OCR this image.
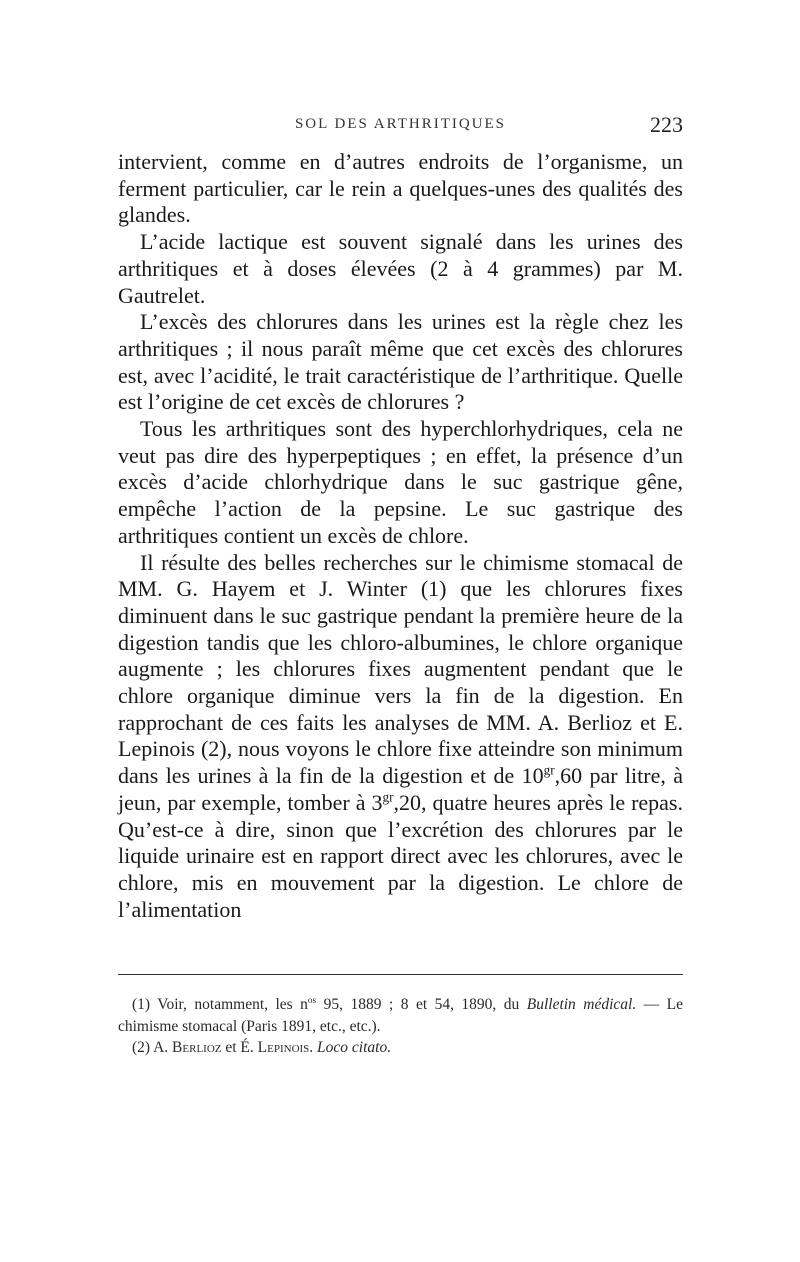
SOL DES ARTHRITIQUES	223

intervient, comme en d’autres endroits de l’organisme, un ferment particulier, car le rein a quelques-unes des qualités des glandes.

L’acide lactique est souvent signalé dans les urines des arthritiques et à doses élevées (2 à 4 grammes) par M. Gautrelet.

L’excès des chlorures dans les urines est la règle chez les arthritiques ; il nous paraît même que cet excès des chlorures est, avec l’acidité, le trait caractéristique de l’arthritique. Quelle est l’origine de cet excès de chlorures ?

Tous les arthritiques sont des hyperchlorhydriques, cela ne veut pas dire des hyperpeptiques ; en effet, la présence d’un excès d’acide chlorhydrique dans le suc gastrique gêne, empêche l’action de la pepsine. Le suc gastrique des arthritiques contient un excès de chlore.

Il résulte des belles recherches sur le chimisme stomacal de MM. G. Hayem et J. Winter (1) que les chlorures fixes diminuent dans le suc gastrique pendant la première heure de la digestion tandis que les chloro-albumines, le chlore organique augmente ; les chlorures fixes augmentent pendant que le chlore organique diminue vers la fin de la digestion. En rapprochant de ces faits les analyses de MM. A. Berlioz et E. Lepinois (2), nous voyons le chlore fixe atteindre son minimum dans les urines à la fin de la digestion et de $10^{gr},60$ par litre, à jeun, par exemple, tomber à $3^{gr},20$, quatre heures après le repas. Qu’est-ce à dire, sinon que l’excrétion des chlorures par le liquide urinaire est en rapport direct avec les chlorures, avec le chlore, mis en mouvement par la digestion. Le chlore de l’alimentation

(1) Voir, notamment, les $n^{os}$ 95, 1889 ; 8 et 54, 1890, du Bulletin médical. — Le chimisme stomacal (Paris 1891, etc., etc.).

(2) A. Berlioz et É. Lepinois. Loco citato.
